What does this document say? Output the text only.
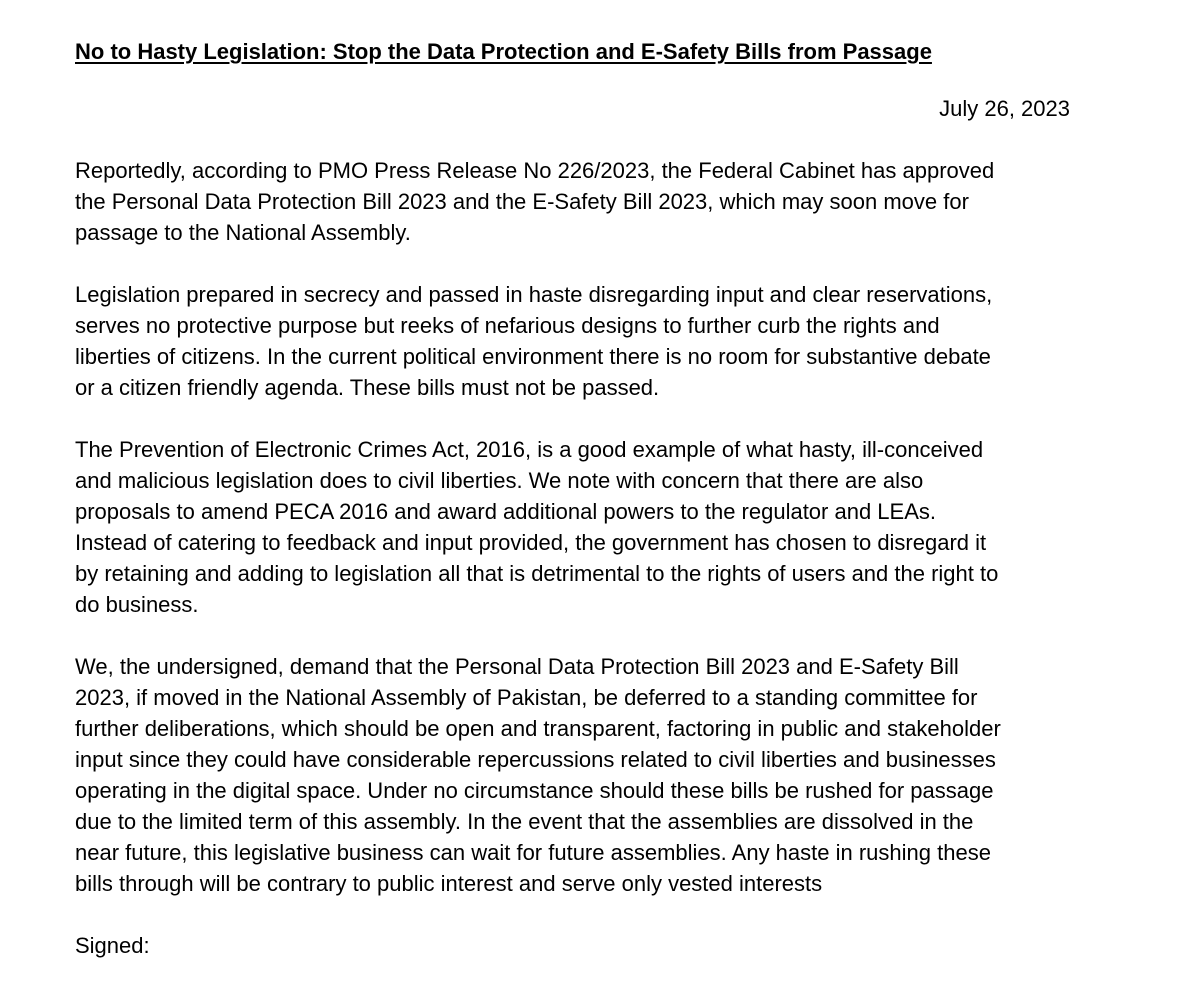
No to Hasty Legislation: Stop the Data Protection and E-Safety Bills from Passage

July 26, 2023

Reportedly, according to PMO Press Release No 226/2023, the Federal Cabinet has approved
the Personal Data Protection Bill 2023 and the E-Safety Bill 2023, which may soon move for
passage to the National Assembly.

Legislation prepared in secrecy and passed in haste disregarding input and clear reservations,
serves no protective purpose but reeks of nefarious designs to further curb the rights and
liberties of citizens. In the current political environment there is no room for substantive debate
or a citizen friendly agenda. These bills must not be passed.

The Prevention of Electronic Crimes Act, 2016, is a good example of what hasty, ill-conceived
and malicious legislation does to civil liberties. We note with concern that there are also
proposals to amend PECA 2016 and award additional powers to the regulator and LEAs.
Instead of catering to feedback and input provided, the government has chosen to disregard it
by retaining and adding to legislation all that is detrimental to the rights of users and the right to
do business.

We, the undersigned, demand that the Personal Data Protection Bill 2023 and E-Safety Bill
2023, if moved in the National Assembly of Pakistan, be deferred to a standing committee for
further deliberations, which should be open and transparent, factoring in public and stakeholder
input since they could have considerable repercussions related to civil liberties and businesses
operating in the digital space. Under no circumstance should these bills be rushed for passage
due to the limited term of this assembly. In the event that the assemblies are dissolved in the
near future, this legislative business can wait for future assemblies. Any haste in rushing these
bills through will be contrary to public interest and serve only vested interests

Signed:
